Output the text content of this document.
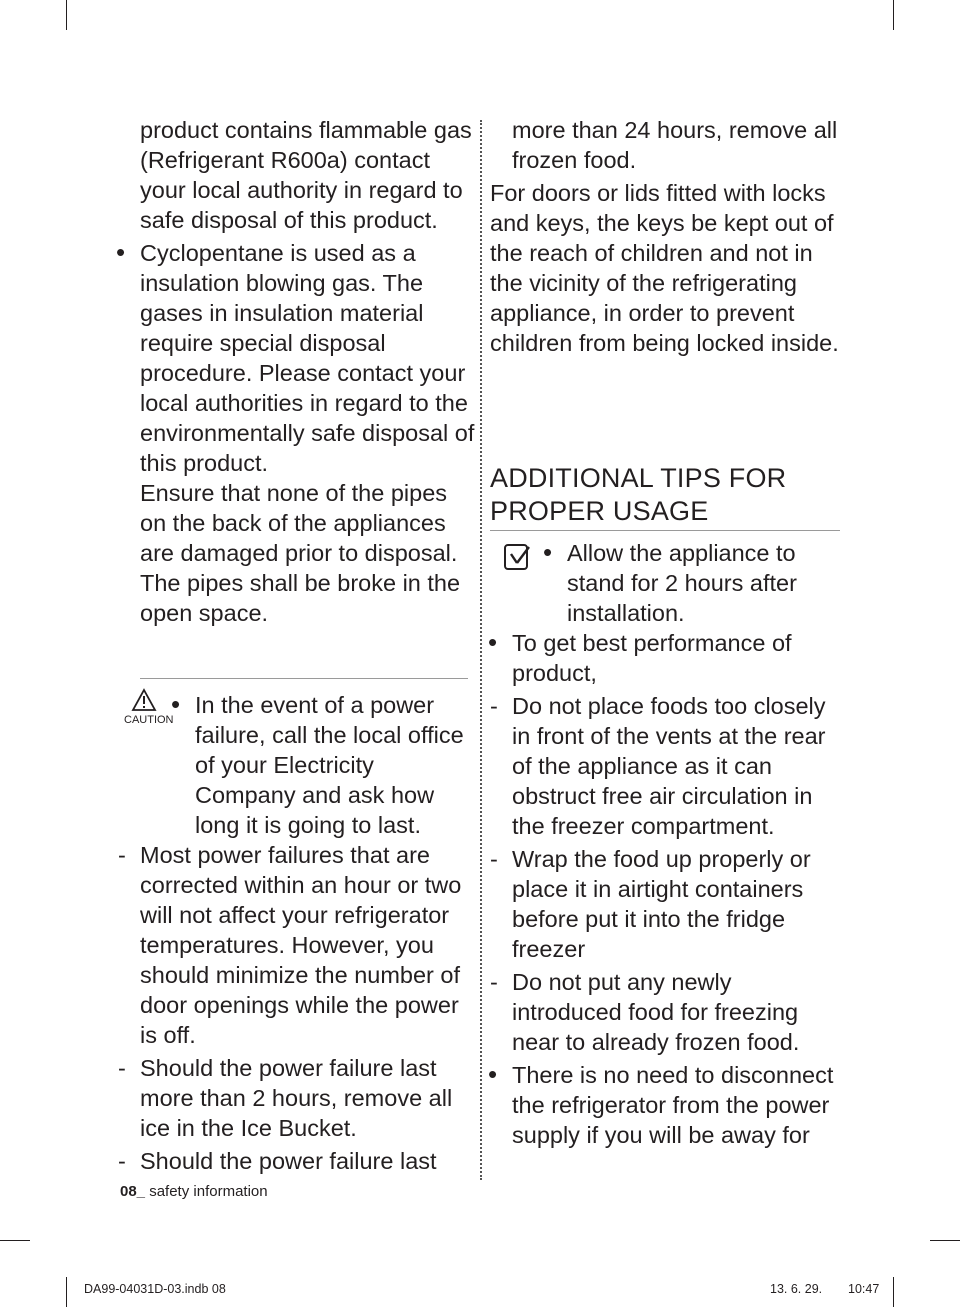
product contains flammable gas (Refrigerant R600a) contact your local authority in regard to safe disposal of this product.

• Cyclopentane is used as a insulation blowing gas. The gases in insulation material require special disposal procedure. Please contact your local authorities in regard to the environmentally safe disposal of this product.

Ensure that none of the pipes on the back of the appliances are damaged prior to disposal. The pipes shall be broke in the open space.

CAUTION

• In the event of a power failure, call the local office of your Electricity Company and ask how long it is going to last.

- Most power failures that are corrected within an hour or two will not affect your refrigerator temperatures. However, you should minimize the number of door openings while the power is off.

- Should the power failure last more than 2 hours, remove all ice in the Ice Bucket.

- Should the power failure last

more than 24 hours, remove all frozen food.

For doors or lids fitted with locks and keys, the keys be kept out of the reach of children and not in the vicinity of the refrigerating appliance, in order to prevent children from being locked inside.

ADDITIONAL TIPS FOR PROPER USAGE

• Allow the appliance to stand for 2 hours after installation.

• To get best performance of product,

- Do not place foods too closely in front of the vents at the rear of the appliance as it can obstruct free air circulation in the freezer compartment.

- Wrap the food up properly or place it in airtight containers before put it into the fridge freezer

- Do not put any newly introduced food for freezing near to already frozen food.

• There is no need to disconnect the refrigerator from the power supply if you will be away for

08_ safety information
DA99-04031D-03.indb 08	13. 6. 29. 10:47
